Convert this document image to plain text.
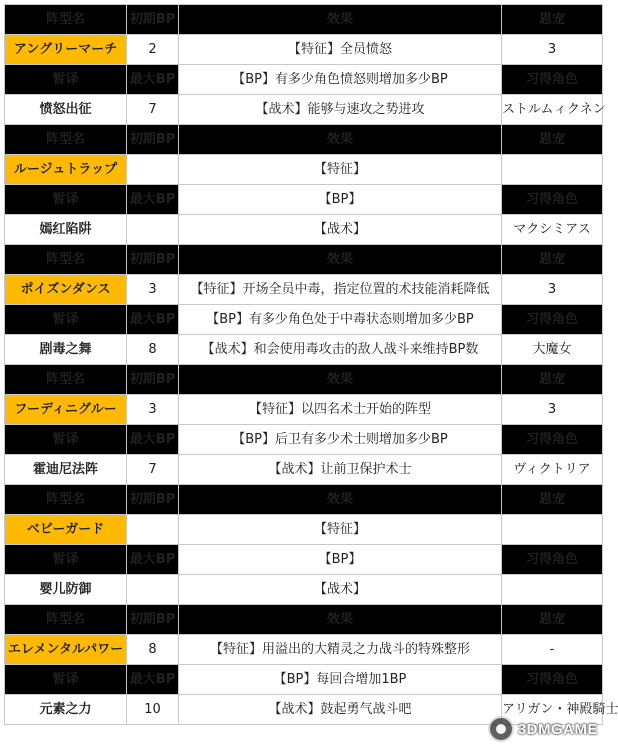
阵型名	初期BP	效果	恩宠
アングリーマーチ	2	【特征】全员愤怒	3
暂译	最大BP	【BP】有多少角色愤怒则增加多少BP	习得角色
愤怒出征	7	【战术】能够与速攻之势进攻	ストルムィクネン
阵型名	初期BP	效果	恩宠
ルージュトラップ		【特征】	
暂译	最大BP	【BP】	习得角色
嫣红陷阱		【战术】	マクシミアス
阵型名	初期BP	效果	恩宠
ポイズンダンス	3	【特征】开场全员中毒，指定位置的术技能消耗降低	3
暂译	最大BP	【BP】有多少角色处于中毒状态则增加多少BP	习得角色
剧毒之舞	8	【战术】和会使用毒攻击的敌人战斗来维持BP数	大魔女
阵型名	初期BP	效果	恩宠
フーディニグルー	3	【特征】以四名术士开始的阵型	3
暂译	最大BP	【BP】后卫有多少术士则增加多少BP	习得角色
霍迪尼法阵	7	【战术】让前卫保护术士	ヴィクトリア
阵型名	初期BP	效果	恩宠
ベビーガード		【特征】	
暂译	最大BP	【BP】	习得角色
婴儿防御		【战术】	
阵型名	初期BP	效果	恩宠
エレメンタルパワー	8	【特征】用溢出的大精灵之力战斗的特殊整形	-
暂译	最大BP	【BP】每回合增加1BP	习得角色
元素之力	10	【战术】鼓起勇气战斗吧	アリガン・神殿騎士
3DMGAME
